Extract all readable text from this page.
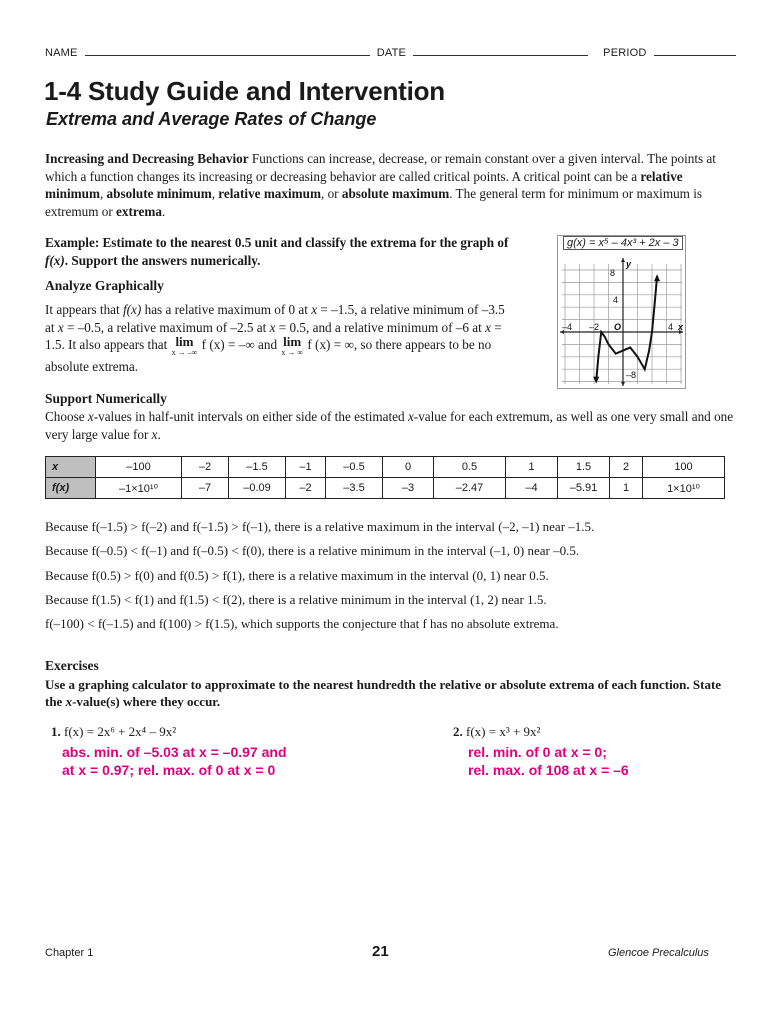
NAME	DATE	PERIOD
1-4 Study Guide and Intervention
Extrema and Average Rates of Change

Increasing and Decreasing Behavior Functions can increase, decrease, or remain constant over a given interval. The points at which a function changes its increasing or decreasing behavior are called critical points. A critical point can be a relative minimum, absolute minimum, relative maximum, or absolute maximum. The general term for minimum or maximum is extremum or extrema.

Example: Estimate to the nearest 0.5 unit and classify the extrema for the graph of f(x). Support the answers numerically.

Analyze Graphically

It appears that f(x) has a relative maximum of 0 at x = –1.5, a relative minimum of –3.5 at x = –0.5, a relative maximum of –2.5 at x = 0.5, and a relative minimum of –6 at x = 1.5. It also appears that lim
x → –∞
f (x) = –∞ and lim
x → ∞
f (x) = ∞, so there appears to be no absolute extrema.

8
4
–8
–4 –2	4 x
y
O
g(x) = x⁵ – 4x³ + 2x – 3

Support Numerically

Choose x-values in half-unit intervals on either side of the estimated x-value for each extremum, as well as one very small and one very large value for x.

x	–100	–2	–1.5	–1	–0.5	0	0.5	1	1.5	2	100
f(x)	–1×10¹⁰	–7	–0.09	–2	–3.5	–3	–2.47	–4	–5.91	1	1×10¹⁰

Because f(–1.5) > f(–2) and f(–1.5) > f(–1), there is a relative maximum in the interval (–2, –1) near –1.5.

Because f(–0.5) < f(–1) and f(–0.5) < f(0), there is a relative minimum in the interval (–1, 0) near –0.5.

Because f(0.5) > f(0) and f(0.5) > f(1), there is a relative maximum in the interval (0, 1) near 0.5.

Because f(1.5) < f(1) and f(1.5) < f(2), there is a relative minimum in the interval (1, 2) near 1.5.

f(–100) < f(–1.5) and f(100) > f(1.5), which supports the conjecture that f has no absolute extrema.

Exercises

Use a graphing calculator to approximate to the nearest hundredth the relative or absolute extrema of each function. State the x-value(s) where they occur.

1. f(x) = 2x⁶ + 2x⁴ – 9x²

abs. min. of –5.03 at x = –0.97 and

at x = 0.97; rel. max. of 0 at x = 0

2. f(x) = x³ + 9x²

rel. min. of 0 at x = 0;

rel. max. of 108 at x = –6

Chapter 1	21	Glencoe Precalculus
